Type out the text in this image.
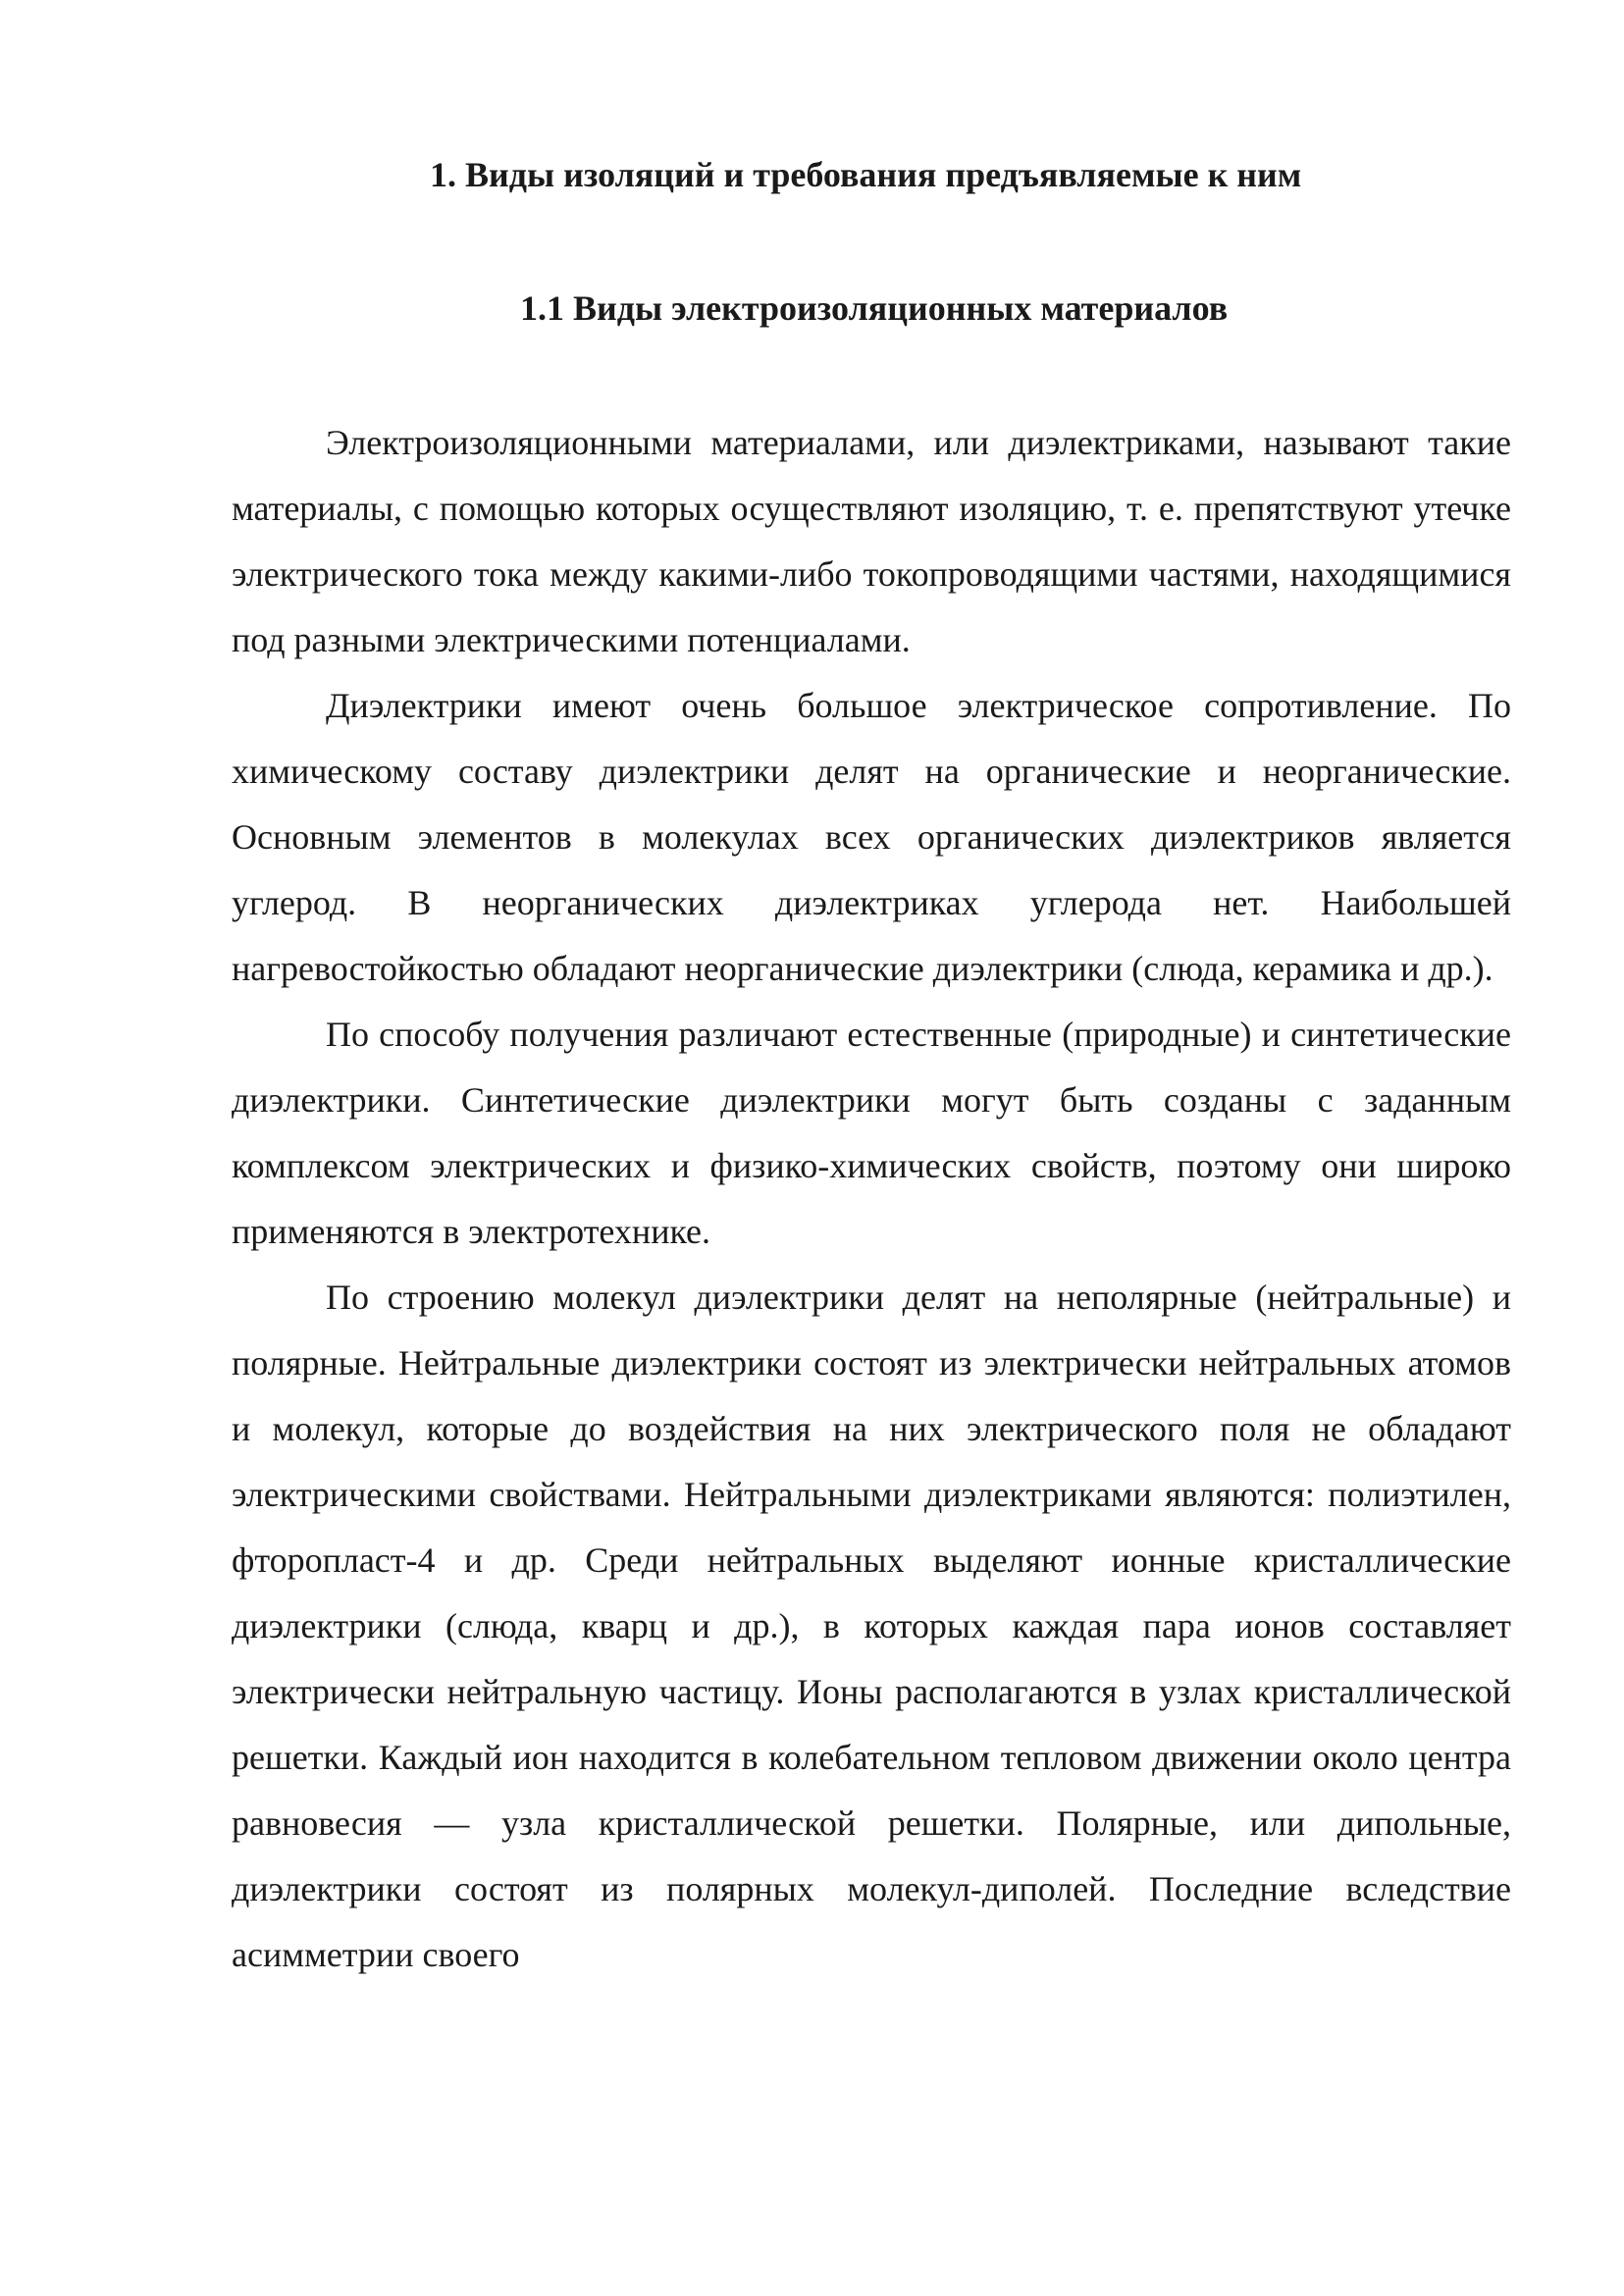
1. Виды изоляций и требования предъявляемые к ним
1.1 Виды электроизоляционных материалов

Электроизоляционными материалами, или диэлектриками, называют такие материалы, с помощью которых осуществляют изоляцию, т. е. препятствуют утечке электрического тока между какими-либо токопроводящими частями, находящимися под разными электрическими потенциалами.

Диэлектрики имеют очень большое электрическое сопротивление. По химическому составу диэлектрики делят на органические и неорганические. Основным элементов в молекулах всех органических диэлектриков является углерод. В неорганических диэлектриках углерода нет. Наибольшей нагревостойкостью обладают неорганические диэлектрики (слюда, керамика и др.).

По способу получения различают естественные (природные) и синтетические диэлектрики. Синтетические диэлектрики могут быть созданы с заданным комплексом электрических и физико-химических свойств, поэтому они широко применяются в электротехнике.

По строению молекул диэлектрики делят на неполярные (нейтральные) и полярные. Нейтральные диэлектрики состоят из электрически нейтральных атомов и молекул, которые до воздействия на них электрического поля не обладают электрическими свойствами. Нейтральными диэлектриками являются: полиэтилен, фторопласт-4 и др. Среди нейтральных выделяют ионные кристаллические диэлектрики (слюда, кварц и др.), в которых каждая пара ионов составляет электрически нейтральную частицу. Ионы располагаются в узлах кристаллической решетки. Каждый ион находится в колебательном тепловом движении около центра равновесия — узла кристаллической решетки. Полярные, или дипольные, диэлектрики состоят из полярных молекул-диполей. Последние вследствие асимметрии своего
